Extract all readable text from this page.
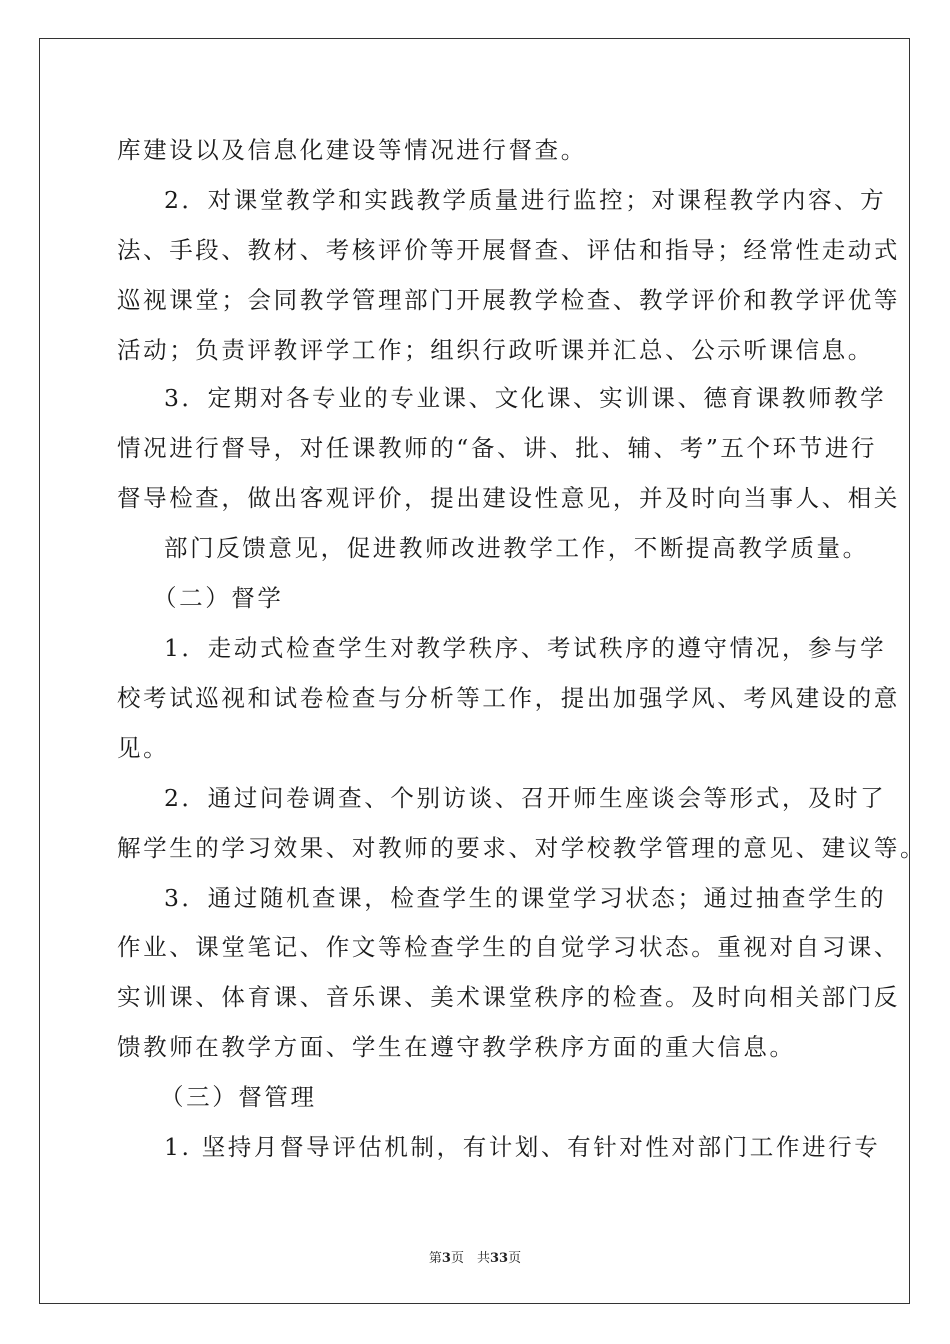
库建设以及信息化建设等情况进行督查。
2．对课堂教学和实践教学质量进行监控；对课程教学内容、方
法、手段、教材、考核评价等开展督查、评估和指导；经常性走动式
巡视课堂；会同教学管理部门开展教学检查、教学评价和教学评优等
活动；负责评教评学工作；组织行政听课并汇总、公示听课信息。
3．定期对各专业的专业课、文化课、实训课、德育课教师教学
情况进行督导，对任课教师的“备、讲、批、辅、考”五个环节进行
督导检查，做出客观评价，提出建设性意见，并及时向当事人、相关
部门反馈意见，促进教师改进教学工作，不断提高教学质量。
（二）督学
1．走动式检查学生对教学秩序、考试秩序的遵守情况，参与学
校考试巡视和试卷检查与分析等工作，提出加强学风、考风建设的意
见。
2．通过问卷调查、个别访谈、召开师生座谈会等形式，及时了
解学生的学习效果、对教师的要求、对学校教学管理的意见、建议等。
3．通过随机查课，检查学生的课堂学习状态；通过抽查学生的
作业、课堂笔记、作文等检查学生的自觉学习状态。重视对自习课、
实训课、体育课、音乐课、美术课堂秩序的检查。及时向相关部门反
馈教师在教学方面、学生在遵守教学秩序方面的重大信息。
（三）督管理
1. 坚持月督导评估机制，有计划、有针对性对部门工作进行专
第3页　共33页
